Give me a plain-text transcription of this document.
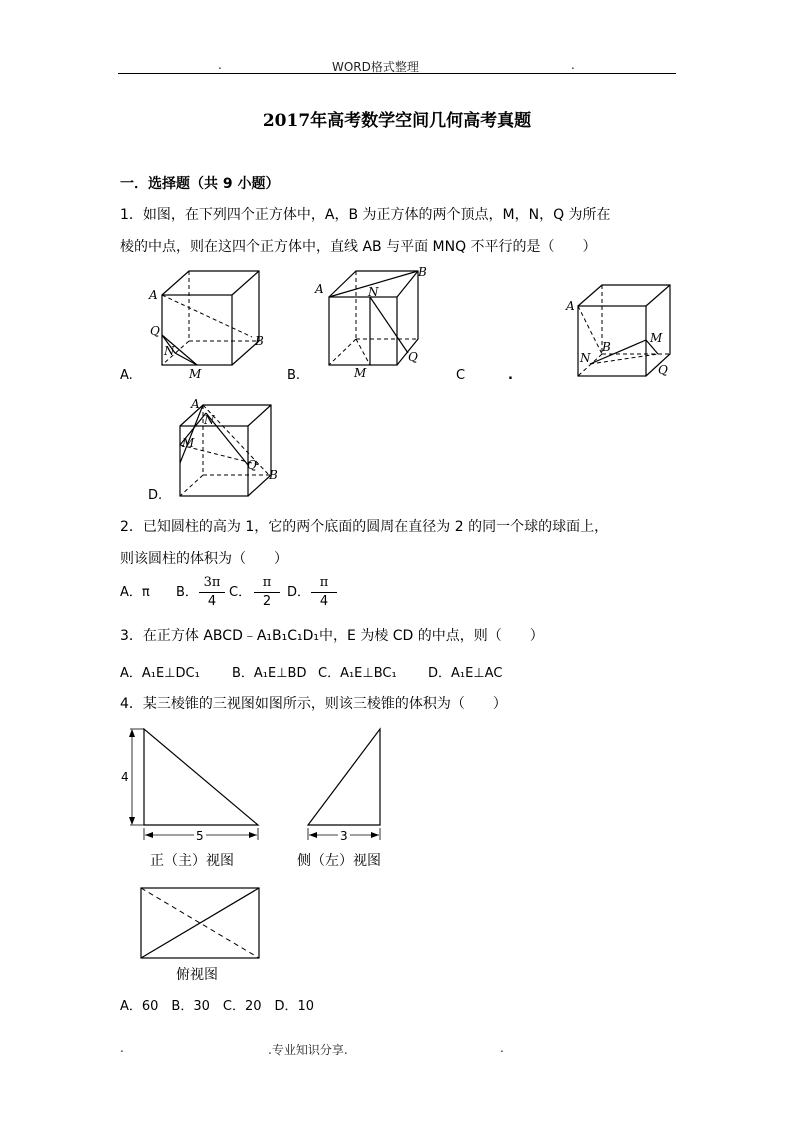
.	WORD格式整理	.
2017年高考数学空间几何高考真题
一．选择题（共 9 小题）
1．如图，在下列四个正方体中，A，B 为正方体的两个顶点，M，N，Q 为所在
棱的中点，则在这四个正方体中，直线 AB 与平面 MNQ 不平行的是（　　）
A
B
Q
N
M
A.
A
B
N
Q
M
B.	C	.
A
B
M
N
Q
A
N
M
Q
B
D.
2．已知圆柱的高为 1，它的两个底面的圆周在直径为 2 的同一个球的球面上，
则该圆柱的体积为（　　）
A．π B．
3π
4
C．
π
2
D．
π
4
3．在正方体 ABCD﹣A₁B₁C₁D₁中，E 为棱 CD 的中点，则（　　）
A．A₁E⊥DC₁ B．A₁E⊥BD C．A₁E⊥BC₁ D．A₁E⊥AC
4．某三棱锥的三视图如图所示，则该三棱锥的体积为（　　）
4
5
正（主）视图
3
侧（左）视图
俯视图
A．60　B．30　C．20　D．10
.	.专业知识分享.	.
